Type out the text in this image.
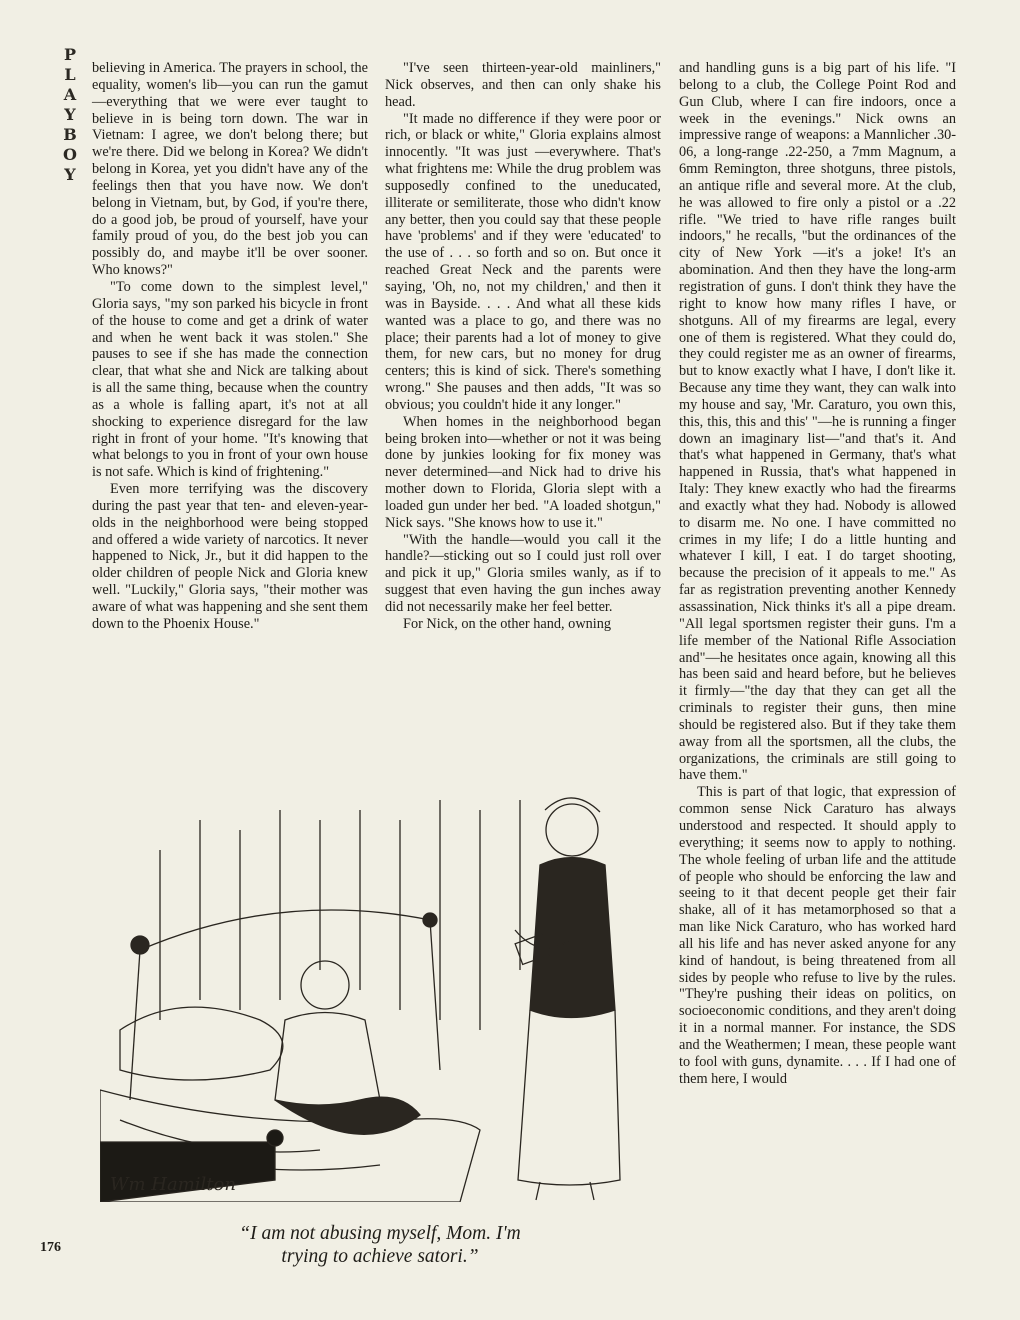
P
L
A
Y
B
O
Y

believing in America. The prayers in school, the equality, women's lib—you can run the gamut—everything that we were ever taught to believe in is being torn down. The war in Vietnam: I agree, we don't belong there; but we're there. Did we belong in Korea? We didn't belong in Korea, yet you didn't have any of the feelings then that you have now. We don't belong in Vietnam, but, by God, if you're there, do a good job, be proud of yourself, have your family proud of you, do the best job you can possibly do, and maybe it'll be over sooner. Who knows?"

"To come down to the simplest level," Gloria says, "my son parked his bicycle in front of the house to come and get a drink of water and when he went back it was stolen." She pauses to see if she has made the connection clear, that what she and Nick are talking about is all the same thing, because when the country as a whole is falling apart, it's not at all shocking to experience disregard for the law right in front of your home. "It's knowing that what belongs to you in front of your own house is not safe. Which is kind of frightening."

Even more terrifying was the discovery during the past year that ten- and eleven-year-olds in the neighborhood were being stopped and offered a wide variety of narcotics. It never happened to Nick, Jr., but it did happen to the older children of people Nick and Gloria knew well. "Luckily," Gloria says, "their mother was aware of what was happening and she sent them down to the Phoenix House."

"I've seen thirteen-year-old mainliners," Nick observes, and then can only shake his head.

"It made no difference if they were poor or rich, or black or white," Gloria explains almost innocently. "It was just —everywhere. That's what frightens me: While the drug problem was supposedly confined to the uneducated, illiterate or semiliterate, those who didn't know any better, then you could say that these people have 'problems' and if they were 'educated' to the use of . . . so forth and so on. But once it reached Great Neck and the parents were saying, 'Oh, no, not my children,' and then it was in Bayside. . . . And what all these kids wanted was a place to go, and there was no place; their parents had a lot of money to give them, for new cars, but no money for drug centers; this is kind of sick. There's something wrong." She pauses and then adds, "It was so obvious; you couldn't hide it any longer."

When homes in the neighborhood began being broken into—whether or not it was being done by junkies looking for fix money was never determined—and Nick had to drive his mother down to Florida, Gloria slept with a loaded gun under her bed. "A loaded shotgun," Nick says. "She knows how to use it."

"With the handle—would you call it the handle?—sticking out so I could just roll over and pick it up," Gloria smiles wanly, as if to suggest that even having the gun inches away did not necessarily make her feel better.

For Nick, on the other hand, owning

and handling guns is a big part of his life. "I belong to a club, the College Point Rod and Gun Club, where I can fire indoors, once a week in the evenings." Nick owns an impressive range of weapons: a Mannlicher .30-06, a long-range .22-250, a 7mm Magnum, a 6mm Remington, three shotguns, three pistols, an antique rifle and several more. At the club, he was allowed to fire only a pistol or a .22 rifle. "We tried to have rifle ranges built indoors," he recalls, "but the ordinances of the city of New York —it's a joke! It's an abomination. And then they have the long-arm registration of guns. I don't think they have the right to know how many rifles I have, or shotguns. All of my firearms are legal, every one of them is registered. What they could do, they could register me as an owner of firearms, but to know exactly what I have, I don't like it. Because any time they want, they can walk into my house and say, 'Mr. Caraturo, you own this, this, this, this and this' "—he is running a finger down an imaginary list—"and that's it. And that's what happened in Germany, that's what happened in Russia, that's what happened in Italy: They knew exactly who had the firearms and exactly what they had. Nobody is allowed to disarm me. No one. I have committed no crimes in my life; I do a little hunting and whatever I kill, I eat. I do target shooting, because the precision of it appeals to me." As far as registration preventing another Kennedy assassination, Nick thinks it's all a pipe dream. "All legal sportsmen register their guns. I'm a life member of the National Rifle Association and"—he hesitates once again, knowing all this has been said and heard before, but he believes it firmly—"the day that they can get all the criminals to register their guns, then mine should be registered also. But if they take them away from all the sportsmen, all the clubs, the organizations, the criminals are still going to have them."

This is part of that logic, that expression of common sense Nick Caraturo has always understood and respected. It should apply to everything; it seems now to apply to nothing. The whole feeling of urban life and the attitude of people who should be enforcing the law and seeing to it that decent people get their fair shake, all of it has metamorphosed so that a man like Nick Caraturo, who has worked hard all his life and has never asked anyone for any kind of handout, is being threatened from all sides by people who refuse to live by the rules. "They're pushing their ideas on politics, on socioeconomic conditions, and they aren't doing it in a normal manner. For instance, the SDS and the Weathermen; I mean, these people want to fool with guns, dynamite. . . . If I had one of them here, I would

Wm Hamilton
“I am not abusing myself, Mom. I'm
trying to achieve satori.”
176
